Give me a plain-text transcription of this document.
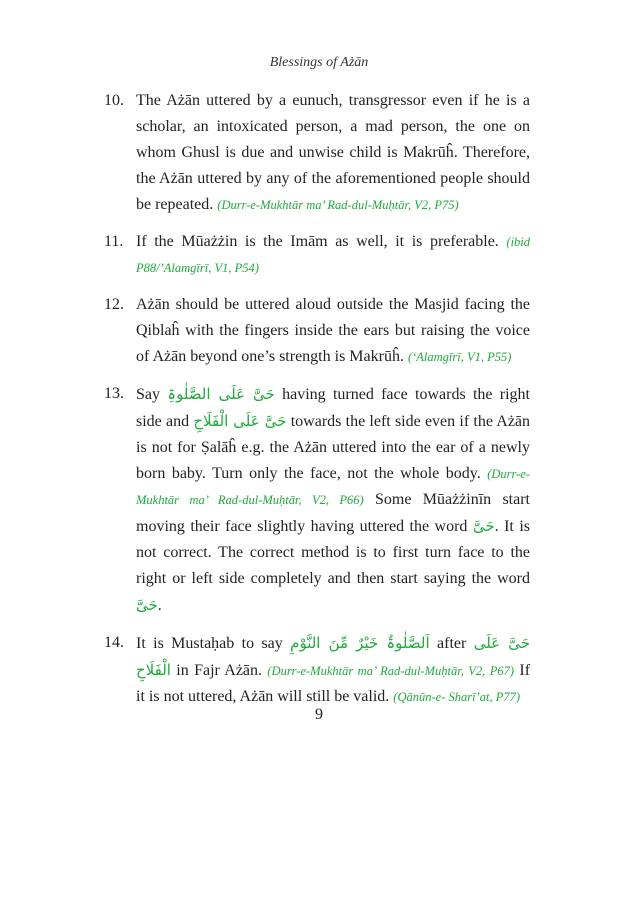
Blessings of Ażān
10. The Ażān uttered by a eunuch, transgressor even if he is a scholar, an intoxicated person, a mad person, the one on whom Ghusl is due and unwise child is Makrūĥ. Therefore, the Ażān uttered by any of the aforementioned people should be repeated. (Durr-e-Mukhtār ma’ Rad-dul-Muḥtār, V2, P75)
11. If the Mūażżin is the Imām as well, it is preferable. (ibid P88/’Alamgīrī, V1, P54)
12. Ażān should be uttered aloud outside the Masjid facing the Qiblaĥ with the fingers inside the ears but raising the voice of Ażān beyond one’s strength is Makrūĥ. (‘Alamgīrī, V1, P55)
13. Say حَیَّ عَلَی الصَّلٰوۃِ having turned face towards the right side and حَیَّ عَلَی الْفَلَاحِ towards the left side even if the Ażān is not for Ṣalāĥ e.g. the Ażān uttered into the ear of a newly born baby. Turn only the face, not the whole body. (Durr-e-Mukhtār ma’ Rad-dul-Muḥtār, V2, P66) Some Mūażżinīn start moving their face slightly having uttered the word حَیَّ. It is not correct. The correct method is to first turn face to the right or left side completely and then start saying the word حَیَّ.
14. It is Mustaḥab to say اَلصَّلٰوۃُ خَیْرٌ مِّنَ النَّوْمِ after حَیَّ عَلَی الْفَلَاحِ in Fajr Ażān. (Durr-e-Mukhtār ma’ Rad-dul-Muḥtār, V2, P67) If it is not uttered, Ażān will still be valid. (Qānūn-e- Sharī’at, P77)
9
